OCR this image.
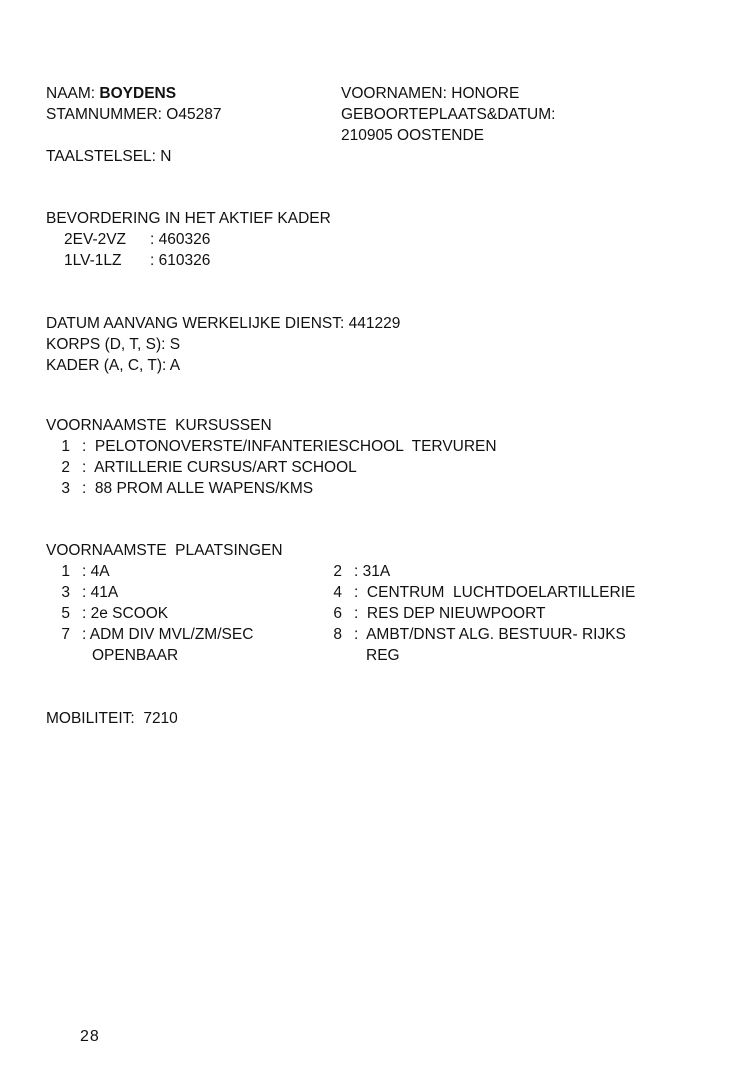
NAAM: BOYDENS
STAMNUMMER: O45287
TAALSTELSEL: N
VOORNAMEN: HONORE
GEBOORTEPLAATS&DATUM:
210905 OOSTENDE
BEVORDERING IN HET AKTIEF KADER
2EV-2VZ : 460326
1LV-1LZ : 610326
DATUM AANVANG WERKELIJKE DIENST: 441229
KORPS (D, T, S): S
KADER (A, C, T): A
VOORNAAMSTE  KURSUSSEN
1 :  PELOTONOVERSTE/INFANTERIESCHOOL  TERVUREN
2 :  ARTILLERIE CURSUS/ART SCHOOL
3 :  88 PROM ALLE WAPENS/KMS
VOORNAAMSTE  PLAATSINGEN
1 : 4A
3 : 41A
5 : 2e SCOOK
7 : ADM DIV MVL/ZM/SEC
OPENBAAR
2 : 31A
4 :  CENTRUM  LUCHTDOELARTILLERIE
6 :  RES DEP NIEUWPOORT
8 :  AMBT/DNST ALG. BESTUUR- RIJKS
REG
MOBILITEIT:  7210
28
